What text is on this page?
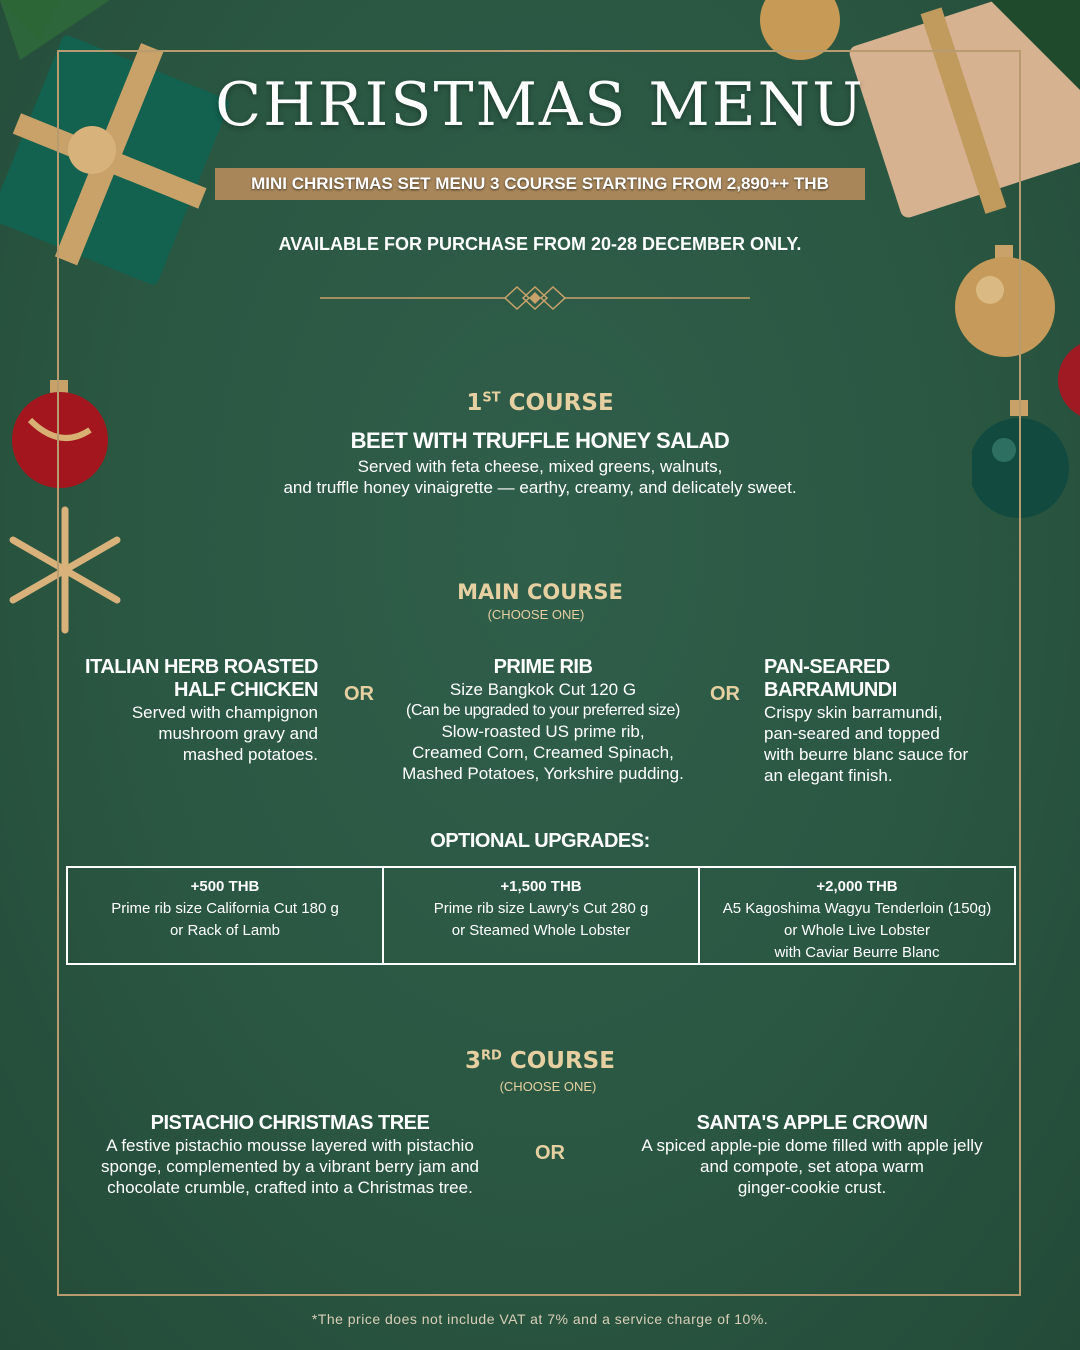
CHRISTMAS MENU
MINI CHRISTMAS SET MENU 3 COURSE STARTING FROM 2,890++ THB
AVAILABLE FOR PURCHASE FROM 20-28 DECEMBER ONLY.
1ST COURSE
BEET WITH TRUFFLE HONEY SALAD
Served with feta cheese, mixed greens, walnuts,
and truffle honey vinaigrette — earthy, creamy, and delicately sweet.
MAIN COURSE
(CHOOSE ONE)
ITALIAN HERB ROASTED
HALF CHICKEN
Served with champignon
mushroom gravy and
mashed potatoes.
OR
PRIME RIB
Size Bangkok Cut 120 G
(Can be upgraded to your preferred size)
Slow-roasted US prime rib,
Creamed Corn, Creamed Spinach,
Mashed Potatoes, Yorkshire pudding.
OR
PAN-SEARED
BARRAMUNDI
Crispy skin barramundi,
pan-seared and topped
with beurre blanc sauce for
an elegant finish.
OPTIONAL UPGRADES:
+500 THB
Prime rib size California Cut 180 g
or Rack of Lamb
+1,500 THB
Prime rib size Lawry's Cut 280 g
or Steamed Whole Lobster
+2,000 THB
A5 Kagoshima Wagyu Tenderloin (150g)
or Whole Live Lobster
with Caviar Beurre Blanc
3RD COURSE
(CHOOSE ONE)
PISTACHIO CHRISTMAS TREE
A festive pistachio mousse layered with pistachio
sponge, complemented by a vibrant berry jam and
chocolate crumble, crafted into a Christmas tree.
OR
SANTA'S APPLE CROWN
A spiced apple-pie dome filled with apple jelly
and compote, set atopa warm
ginger-cookie crust.
*The price does not include VAT at 7% and a service charge of 10%.
